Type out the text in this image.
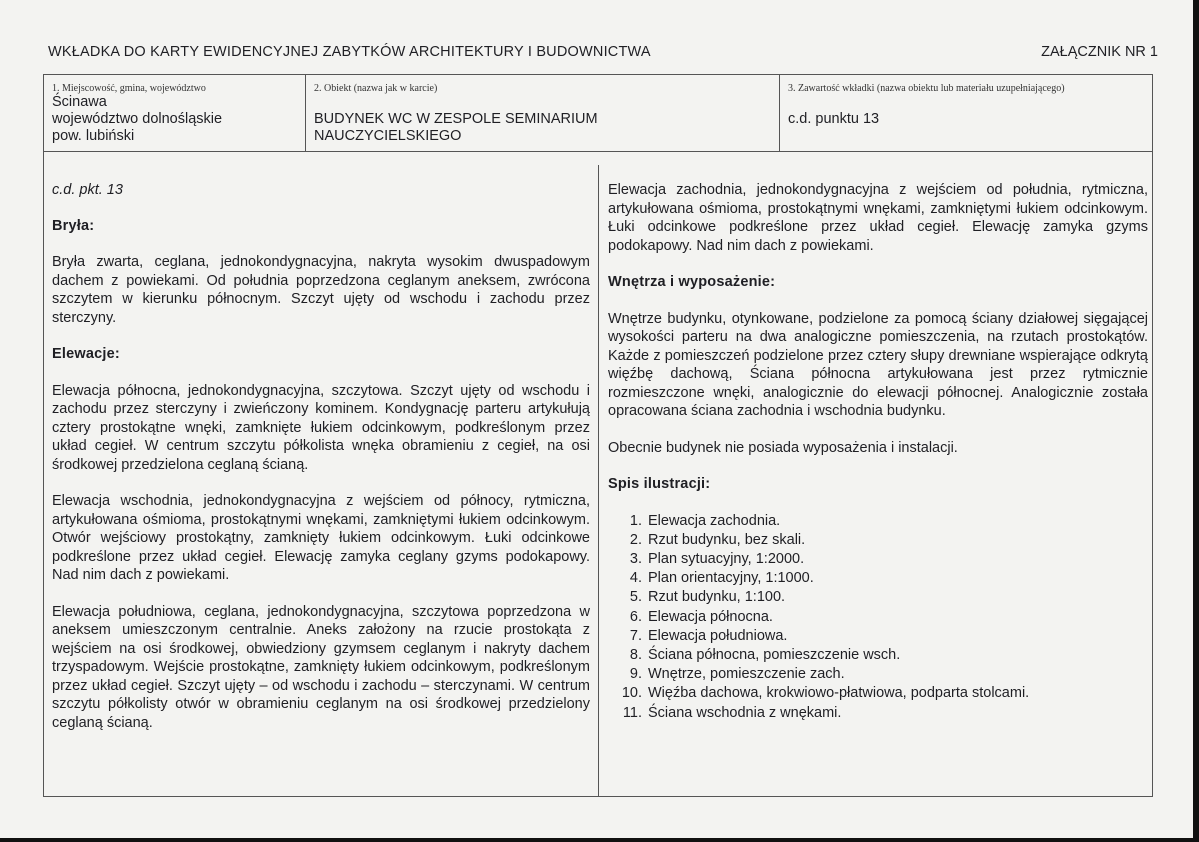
WKŁADKA DO KARTY EWIDENCYJNEJ ZABYTKÓW ARCHITEKTURY I BUDOWNICTWA	ZAŁĄCZNIK NR 1
1. Miejscowość, gmina, województwo
Ścinawa
województwo dolnośląskie
pow. lubiński
2. Obiekt (nazwa jak w karcie)
BUDYNEK WC W ZESPOLE SEMINARIUM
NAUCZYCIELSKIEGO
3. Zawartość wkładki (nazwa obiektu lub materiału uzupełniającego)
c.d. punktu 13

c.d. pkt. 13

Bryła:

Bryła zwarta, ceglana, jednokondygnacyjna, nakryta wysokim dwuspadowym dachem z powiekami. Od południa poprzedzona ceglanym aneksem, zwrócona szczytem w kierunku północnym. Szczyt ujęty od wschodu i zachodu przez sterczyny.

Elewacje:

Elewacja północna, jednokondygnacyjna, szczytowa. Szczyt ujęty od wschodu i zachodu przez sterczyny i zwieńczony kominem. Kondygnację parteru artykułują cztery prostokątne wnęki, zamknięte łukiem odcinkowym, podkreślonym przez układ cegieł. W centrum szczytu półkolista wnęka obramieniu z cegieł, na osi środkowej przedzielona ceglaną ścianą.

Elewacja wschodnia, jednokondygnacyjna z wejściem od północy, rytmiczna, artykułowana ośmioma, prostokątnymi wnękami, zamkniętymi łukiem odcinkowym. Otwór wejściowy prostokątny, zamknięty łukiem odcinkowym. Łuki odcinkowe podkreślone przez układ cegieł. Elewację zamyka ceglany gzyms podokapowy. Nad nim dach z powiekami.

Elewacja południowa, ceglana, jednokondygnacyjna, szczytowa poprzedzona w aneksem umieszczonym centralnie. Aneks założony na rzucie prostokąta z wejściem na osi środkowej, obwiedziony gzymsem ceglanym i nakryty dachem trzyspadowym. Wejście prostokątne, zamknięty łukiem odcinkowym, podkreślonym przez układ cegieł. Szczyt ujęty – od wschodu i zachodu – sterczynami. W centrum szczytu półkolisty otwór w obramieniu ceglanym na osi środkowej przedzielony ceglaną ścianą.

Elewacja zachodnia, jednokondygnacyjna z wejściem od południa, rytmiczna, artykułowana ośmioma, prostokątnymi wnękami, zamkniętymi łukiem odcinkowym. Łuki odcinkowe podkreślone przez układ cegieł. Elewację zamyka gzyms podokapowy. Nad nim dach z powiekami.

Wnętrza i wyposażenie:

Wnętrze budynku, otynkowane, podzielone za pomocą ściany działowej sięgającej wysokości parteru na dwa analogiczne pomieszczenia, na rzutach prostokątów. Każde z pomieszczeń podzielone przez cztery słupy drewniane wspierające odkrytą więźbę dachową, Ściana północna artykułowana jest przez rytmicznie rozmieszczone wnęki, analogicznie do elewacji północnej. Analogicznie została opracowana ściana zachodnia i wschodnia budynku.

Obecnie budynek nie posiada wyposażenia i instalacji.

Spis ilustracji:
1. Elewacja zachodnia.
2. Rzut budynku, bez skali.
3. Plan sytuacyjny, 1:2000.
4. Plan orientacyjny, 1:1000.
5. Rzut budynku, 1:100.
6. Elewacja północna.
7. Elewacja południowa.
8. Ściana północna, pomieszczenie wsch.
9. Wnętrze, pomieszczenie zach.
10. Więźba dachowa, krokwiowo-płatwiowa, podparta stolcami.
11. Ściana wschodnia z wnękami.
